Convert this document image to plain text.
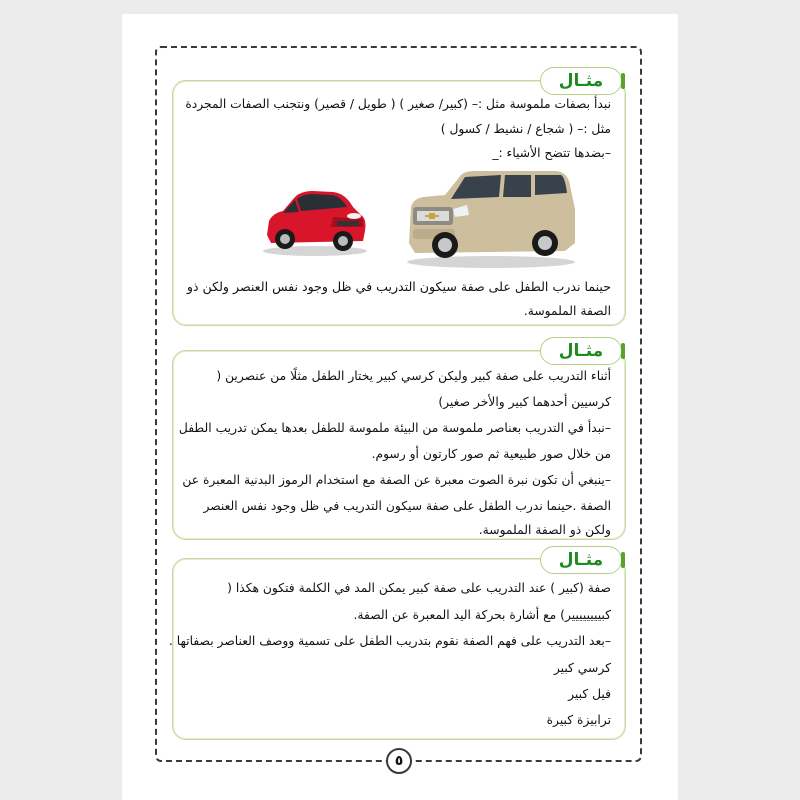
نبدأ بصفات ملموسة مثل :– (كبير/ صغير ) ( طويل / قصير) ونتجنب الصفات المجردة
مثل :– ( شجاع / نشيط / كسول )
–بضدها تتضح الأشياء :_
حينما ندرب الطفل على صفة سيكون التدريب في ظل وجود نفس العنصر ولكن ذو
الصفة الملموسة.
مثـال
أثناء التدريب على صفة كبير وليكن كرسي كبير يختار الطفل مثلًا من عنصرين (
كرسيين أحدهما كبير والأخر صغير)
–نبدأ في التدريب بعناصر ملموسة من البيئة ملموسة للطفل بعدها يمكن تدريب الطفل
من خلال صور طبيعية ثم صور كارتون أو رسوم.
–ينبغي أن تكون نبرة الصوت معبرة عن الصفة مع استخدام الرموز البدنية المعبرة عن
الصفة .حينما ندرب الطفل على صفة سيكون التدريب في ظل وجود نفس العنصر
ولكن ذو الصفة الملموسة.
مثـال
صفة (كبير ) عند التدريب على صفة كبير يمكن المد في الكلمة فتكون هكذا (
كبيييييييير) مع أشارة بحركة اليد المعبرة عن الصفة.
–بعد التدريب على فهم الصفة نقوم بتدريب الطفل على تسمية ووصف العناصر بصفاتها .
كرسي كبير
فيل كبير
ترابيزة كبيرة
مثـال
٥
